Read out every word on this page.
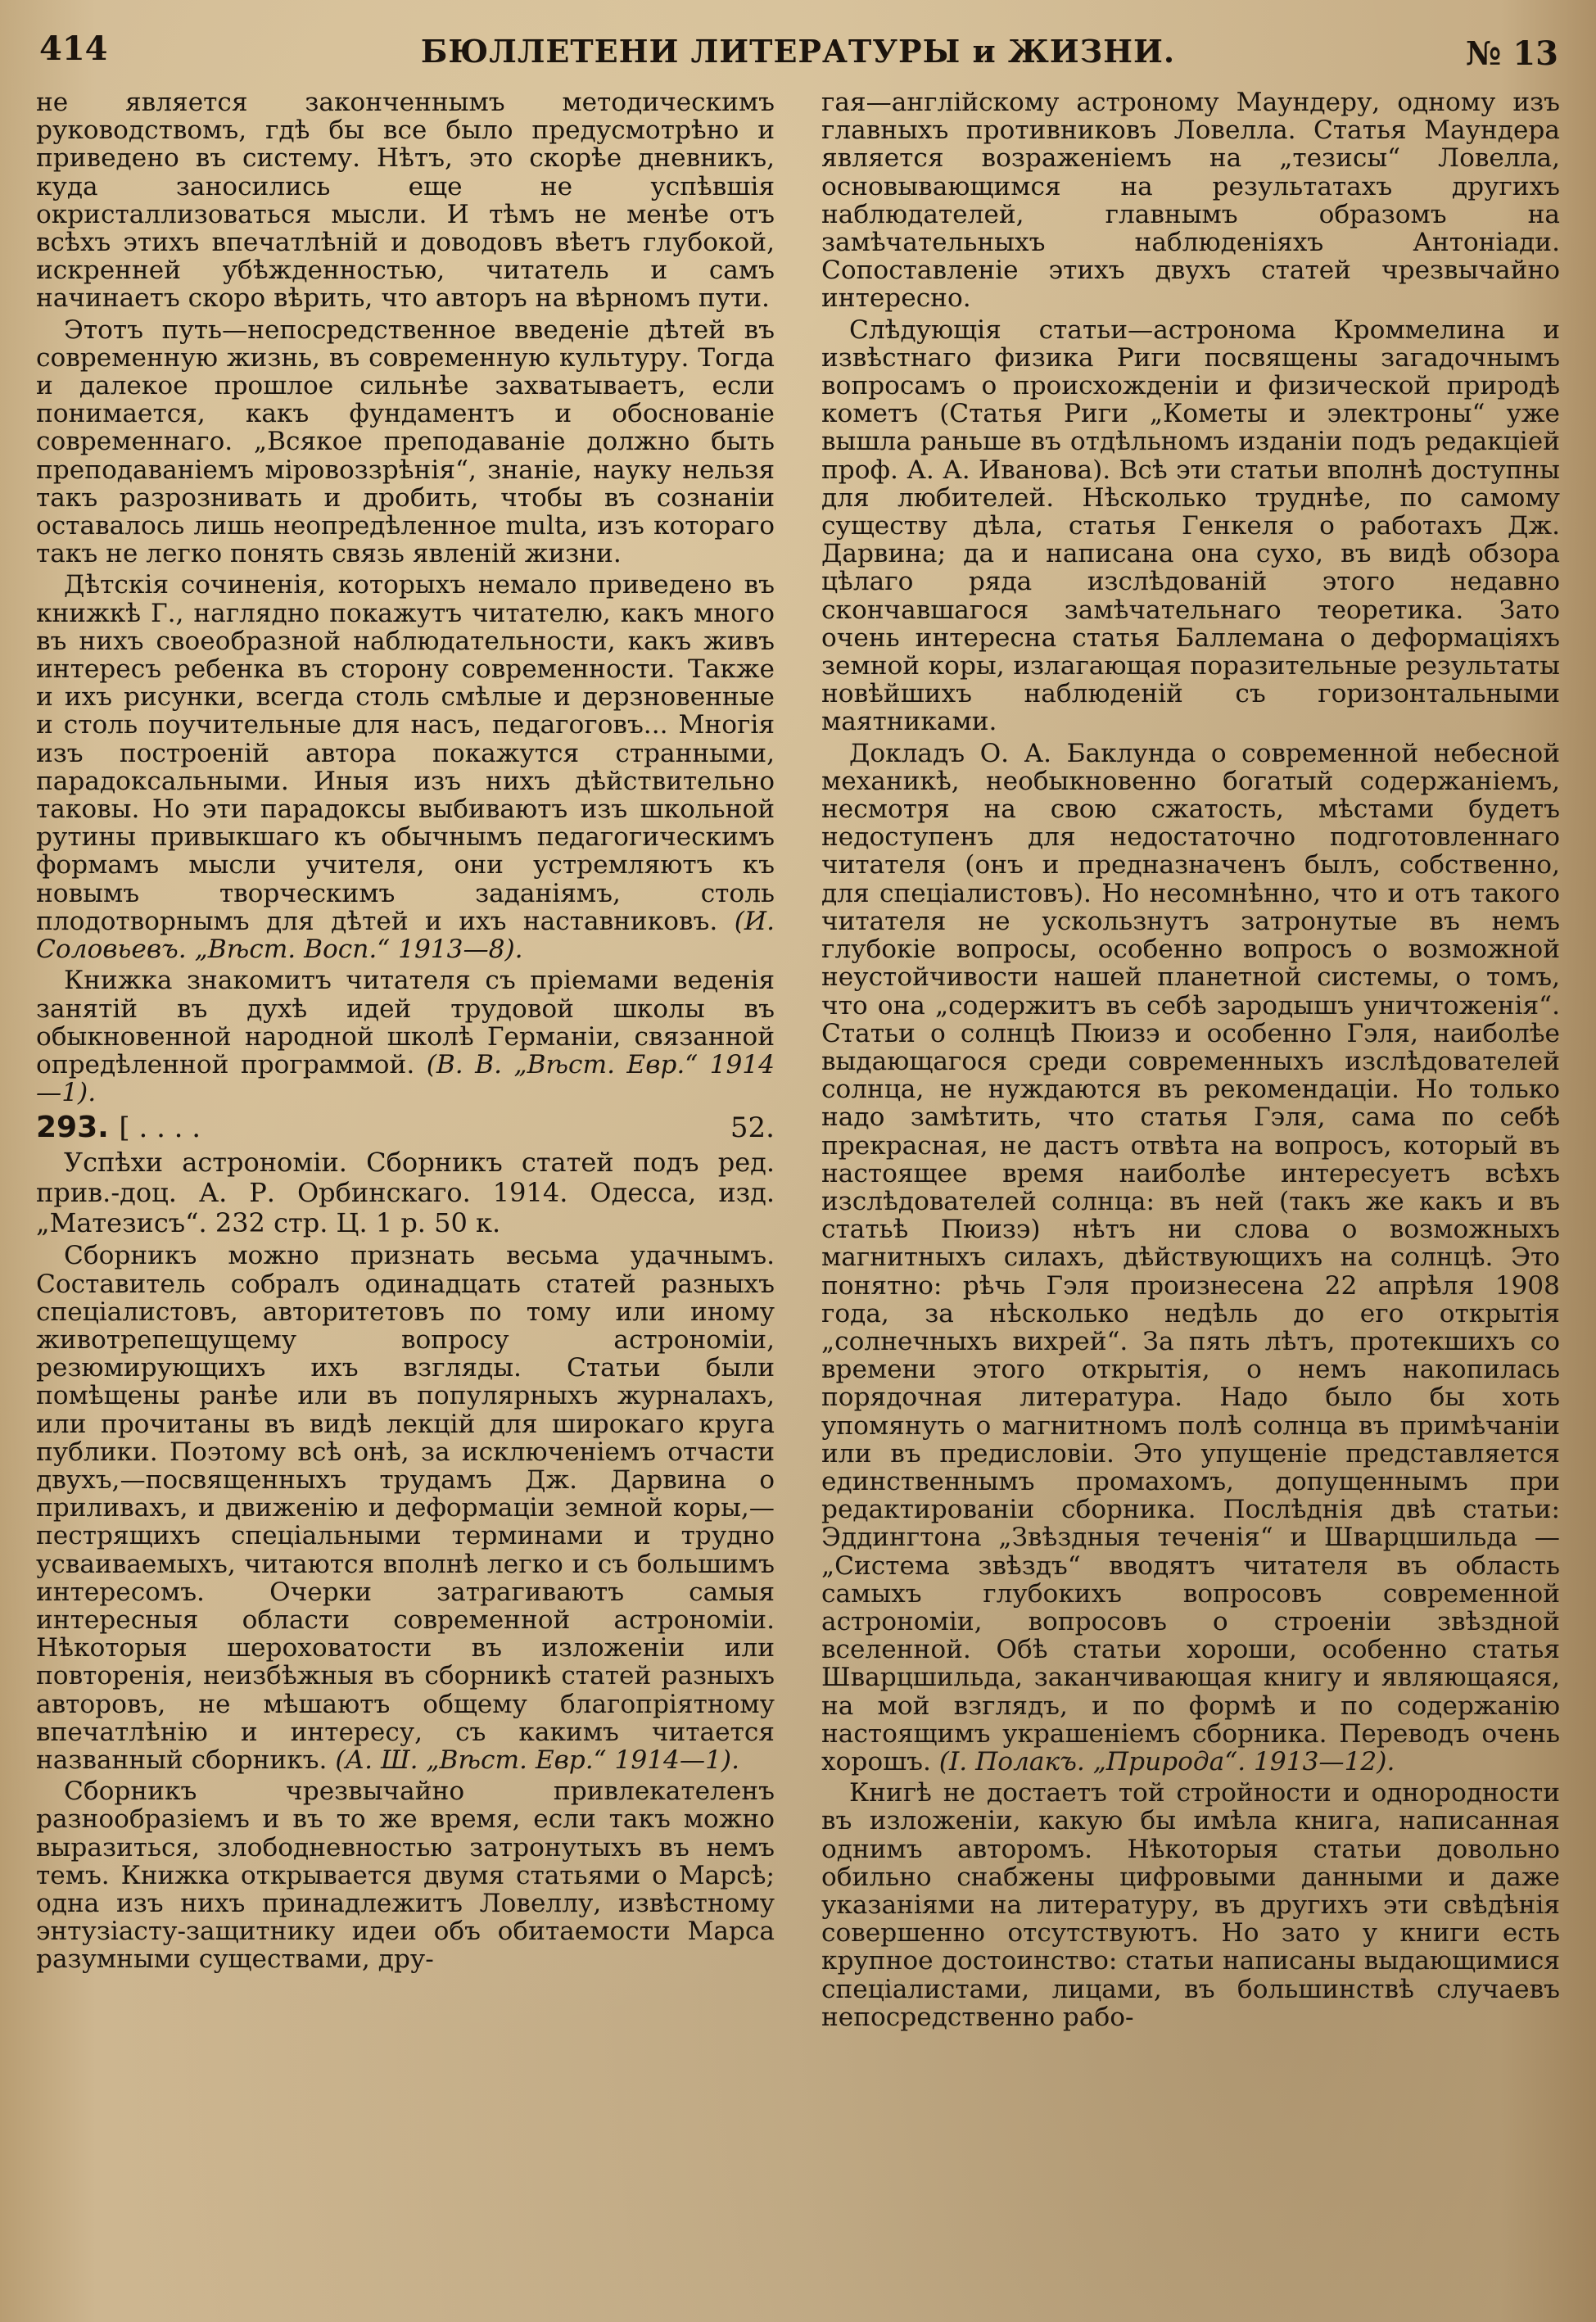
414	БЮЛЛЕТЕНИ ЛИТЕРАТУРЫ и ЖИЗНИ.	№ 13

не является законченнымъ методическимъ руководствомъ, гдѣ бы все было предусмотрѣно и приведено въ систему. Нѣтъ, это скорѣе дневникъ, куда заносились еще не успѣвшія окристаллизоваться мысли. И тѣмъ не менѣе отъ всѣхъ этихъ впечатлѣній и доводовъ вѣетъ глубокой, искренней убѣжденностью, читатель и самъ начинаетъ скоро вѣрить, что авторъ на вѣрномъ пути.

Этотъ путь—непосредственное введеніе дѣтей въ современную жизнь, въ современную культуру. Тогда и далекое прошлое сильнѣе захватываетъ, если понимается, какъ фундаментъ и обоснованіе современнаго. „Всякое преподаваніе должно быть преподаваніемъ міровоззрѣнія“, знаніе, науку нельзя такъ разрознивать и дробить, чтобы въ сознаніи оставалось лишь неопредѣленное multa, изъ котораго такъ не легко понять связь явленій жизни.

Дѣтскія сочиненія, которыхъ немало приведено въ книжкѣ Г., наглядно покажутъ читателю, какъ много въ нихъ своеобразной наблюдательности, какъ живъ интересъ ребенка въ сторону современности. Также и ихъ рисунки, всегда столь смѣлые и дерзновенные и столь поучительные для насъ, педагоговъ... Многія изъ построеній автора покажутся странными, парадоксальными. Иныя изъ нихъ дѣйствительно таковы. Но эти парадоксы выбиваютъ изъ школьной рутины привыкшаго къ обычнымъ педагогическимъ формамъ мысли учителя, они устремляютъ къ новымъ творческимъ заданіямъ, столь плодотворнымъ для дѣтей и ихъ наставниковъ. (И. Соловьевъ. „Вѣст. Восп.“ 1913—8).

Книжка знакомитъ читателя съ пріемами веденія занятій въ духѣ идей трудовой школы въ обыкновенной народной школѣ Германіи, связанной опредѣленной программой. (В. В. „Вѣст. Евр.“ 1914—1).

293. [ . . . .	52.
Успѣхи астрономіи. Сборникъ статей подъ ред. прив.-доц. А. Р. Орбинскаго. 1914. Одесса, изд. „Матезисъ“. 232 стр. Ц. 1 р. 50 к.

Сборникъ можно признать весьма удачнымъ. Составитель собралъ одинадцать статей разныхъ спеціалистовъ, авторитетовъ по тому или иному животрепещущему вопросу астрономіи, резюмирующихъ ихъ взгляды. Статьи были помѣщены ранѣе или въ популярныхъ журналахъ, или прочитаны въ видѣ лекцій для широкаго круга публики. Поэтому всѣ онѣ, за исключеніемъ отчасти двухъ,—посвященныхъ трудамъ Дж. Дарвина о приливахъ, и движенію и деформаціи земной коры,—пестрящихъ спеціальными терминами и трудно усваиваемыхъ, читаются вполнѣ легко и съ большимъ интересомъ. Очерки затрагиваютъ самыя интересныя области современной астрономіи. Нѣкоторыя шероховатости въ изложеніи или повторенія, неизбѣжныя въ сборникѣ статей разныхъ авторовъ, не мѣшаютъ общему благопріятному впечатлѣнію и интересу, съ какимъ читается названный сборникъ. (А. Ш. „Вѣст. Евр.“ 1914—1).

Сборникъ чрезвычайно привлекателенъ разнообразіемъ и въ то же время, если такъ можно выразиться, злободневностью затронутыхъ въ немъ темъ. Книжка открывается двумя статьями о Марсѣ; одна изъ нихъ принадлежитъ Ловеллу, извѣстному энтузіасту-защитнику идеи объ обитаемости Марса разумными существами, дру-

гая—англійскому астроному Маундеру, одному изъ главныхъ противниковъ Ловелла. Статья Маундера является возраженіемъ на „тезисы“ Ловелла, основывающимся на результатахъ другихъ наблюдателей, главнымъ образомъ на замѣчательныхъ наблюденіяхъ Антоніади. Сопоставленіе этихъ двухъ статей чрезвычайно интересно.

Слѣдующія статьи—астронома Кроммелина и извѣстнаго физика Риги посвящены загадочнымъ вопросамъ о происхожденіи и физической природѣ кометъ (Статья Риги „Кометы и электроны“ уже вышла раньше въ отдѣльномъ изданіи подъ редакціей проф. А. А. Иванова). Всѣ эти статьи вполнѣ доступны для любителей. Нѣсколько труднѣе, по самому существу дѣла, статья Генкеля о работахъ Дж. Дарвина; да и написана она сухо, въ видѣ обзора цѣлаго ряда изслѣдованій этого недавно скончавшагося замѣчательнаго теоретика. Зато очень интересна статья Баллемана о деформаціяхъ земной коры, излагающая поразительные результаты новѣйшихъ наблюденій съ горизонтальными маятниками.

Докладъ О. А. Баклунда о современной небесной механикѣ, необыкновенно богатый содержаніемъ, несмотря на свою сжатость, мѣстами будетъ недоступенъ для недостаточно подготовленнаго читателя (онъ и предназначенъ былъ, собственно, для спеціалистовъ). Но несомнѣнно, что и отъ такого читателя не ускользнутъ затронутые въ немъ глубокіе вопросы, особенно вопросъ о возможной неустойчивости нашей планетной системы, о томъ, что она „содержитъ въ себѣ зародышъ уничтоженія“. Статьи о солнцѣ Пюизэ и особенно Гэля, наиболѣе выдающагося среди современныхъ изслѣдователей солнца, не нуждаются въ рекомендаціи. Но только надо замѣтить, что статья Гэля, сама по себѣ прекрасная, не дастъ отвѣта на вопросъ, который въ настоящее время наиболѣе интересуетъ всѣхъ изслѣдователей солнца: въ ней (такъ же какъ и въ статьѣ Пюизэ) нѣтъ ни слова о возможныхъ магнитныхъ силахъ, дѣйствующихъ на солнцѣ. Это понятно: рѣчь Гэля произнесена 22 апрѣля 1908 года, за нѣсколько недѣль до его открытія „солнечныхъ вихрей“. За пять лѣтъ, протекшихъ со времени этого открытія, о немъ накопилась порядочная литература. Надо было бы хоть упомянуть о магнитномъ полѣ солнца въ примѣчаніи или въ предисловіи. Это упущеніе представляется единственнымъ промахомъ, допущеннымъ при редактированіи сборника. Послѣднія двѣ статьи: Эддингтона „Звѣздныя теченія“ и Шварцшильда — „Система звѣздъ“ вводятъ читателя въ область самыхъ глубокихъ вопросовъ современной астрономіи, вопросовъ о строеніи звѣздной вселенной. Обѣ статьи хороши, особенно статья Шварцшильда, заканчивающая книгу и являющаяся, на мой взглядъ, и по формѣ и по содержанію настоящимъ украшеніемъ сборника. Переводъ очень хорошъ. (І. Полакъ. „Природа“. 1913—12).

Книгѣ не достаетъ той стройности и однородности въ изложеніи, какую бы имѣла книга, написанная однимъ авторомъ. Нѣкоторыя статьи довольно обильно снабжены цифровыми данными и даже указаніями на литературу, въ другихъ эти свѣдѣнія совершенно отсутствуютъ. Но зато у книги есть крупное достоинство: статьи написаны выдающимися спеціалистами, лицами, въ большинствѣ случаевъ непосредственно рабо-
